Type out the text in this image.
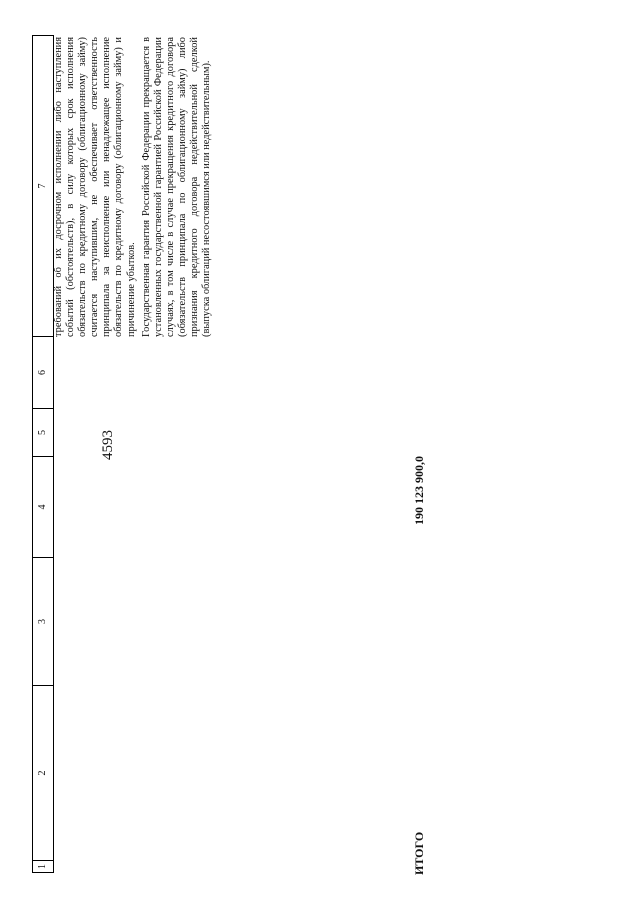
4593
1
2
3
4
5
6
7 требований об их досрочном исполнении либо наступления событий (обстоятельств), в силу которых срок исполнения обязательств по кредитному договору (облигационному займу) считается наступившим, не обеспечивает ответственность принципала за неисполнение или ненадлежащее исполнение обязательств по кредитному договору (облигационному займу) и причинение убытков. Государственная гарантия Российской Федерации прекращается в установленных государственной гарантией Российской Федерации случаях, в том числе в случае прекращения кредитного договора (обязательств принципала по облигационному займу) либо признания кредитного договора недействительной сделкой (выпуска облигаций несостоявшимся или недействительным).

ИТОГО
190 123 900,0
